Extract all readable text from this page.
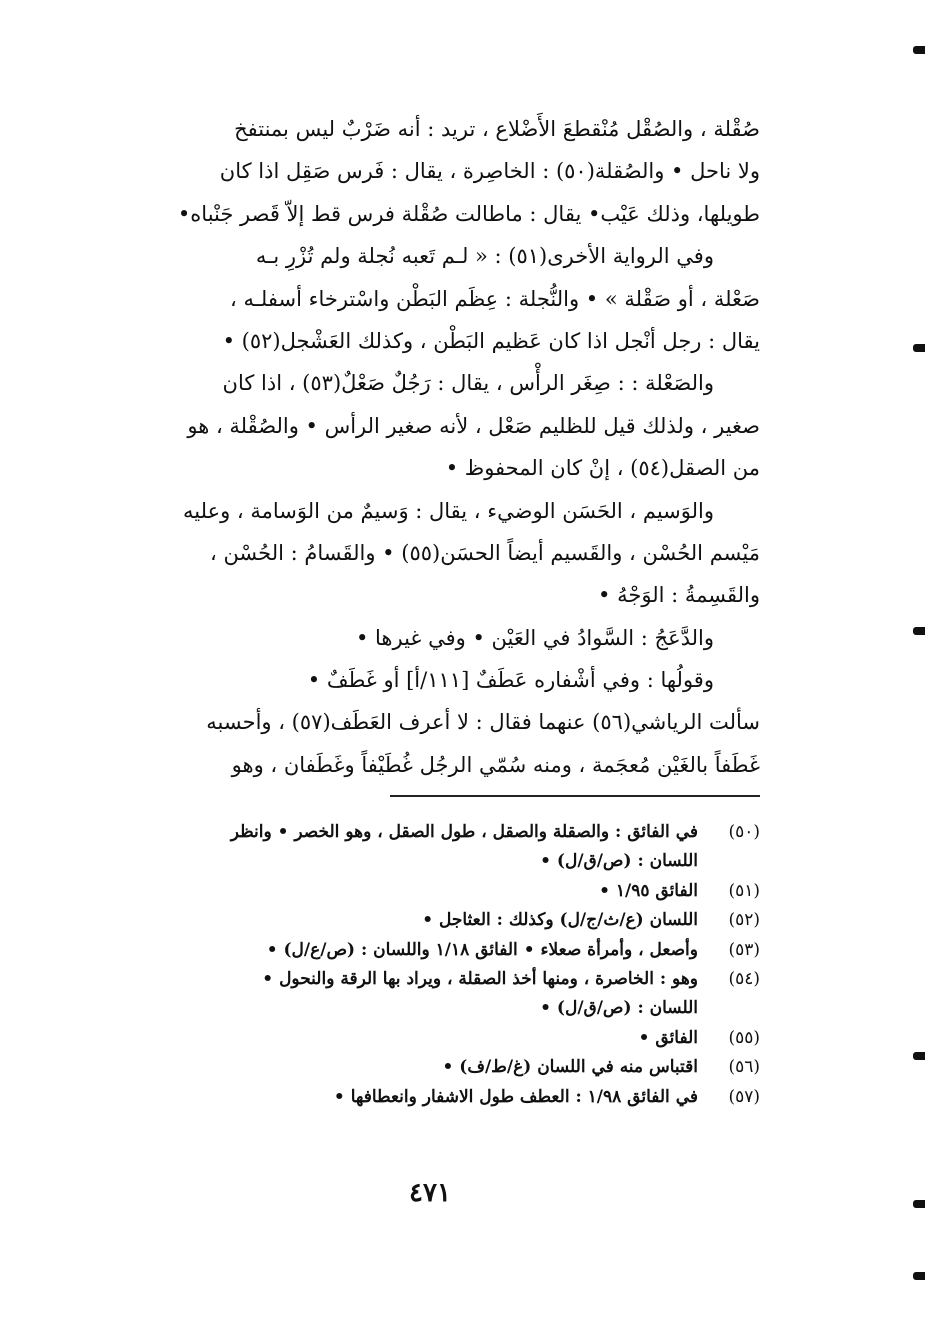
صُقْلة ، والصُقْل مُنْقطعَ الأَضْلاع ، تريد : أنه ضَرْبٌ ليس بمنتفخ
ولا ناحل • والصُقلة(٥٠) : الخاصِرة ، يقال : فَرس صَقِل اذا كان
طويلها، وذلك عَيْب• يقال : ماطالت صُقْلة فرس قط إلاّ قَصر جَنْباه•
وفي الرواية الأخرى(٥١) : « لـم تَعبه نُجلة ولم تُزْرِ بـه
صَعْلة ، أو صَقْلة » • والنُّجلة : عِظَم البَطْن واسْترخاء أسفلـه ،
يقال : رجل أنْجل اذا كان عَظيم البَطْن ، وكذلك العَشْجل(٥٢) •
والصَعْلة : : صِغَر الرأْس ، يقال : رَجُلٌ صَعْلٌ(٥٣) ، اذا كان
صغير ، ولذلك قيل للظليم صَعْل ، لأنه صغير الرأس • والصُقْلة ، هو
من الصقل(٥٤) ، إنْ كان المحفوظ •
والوَسيم ، الحَسَن الوضيء ، يقال : وَسيمٌ من الوَسامة ، وعليه
مَيْسم الحُسْن ، والقَسيم أيضاً الحسَن(٥٥) • والقَسامُ : الحُسْن ،
والقَسِمةُ : الوَجْهُ •
والدَّعَجُ : السَّوادُ في العَيْن • وفي غيرها •
وقولُها : وفي أشْفاره عَطَفٌ [١١١/أ] أو غَطَفٌ •
سألت الرياشي(٥٦) عنهما فقال : لا أعرف العَطَف(٥٧) ، وأحسبه
غَطَفاً بالغَيْن مُعجَمة ، ومنه سُمّي الرجُل غُطَيْفاً وغَطَفان ، وهو
(٥٠)
في الفائق : والصقلة والصقل ، طول الصقل ، وهو الخصر • وانظر
اللسان : (ص/ق/ل) •
(٥١)
الفائق ١/٩٥ •
(٥٢)
اللسان (ع/ث/ج/ل) وكذلك : العثاجل •
(٥٣)
وأصعل ، وأمرأة صعلاء • الفائق ١/١٨ واللسان : (ص/ع/ل) •
(٥٤)
وهو : الخاصرة ، ومنها أخذ الصقلة ، ويراد بها الرقة والنحول •
اللسان : (ص/ق/ل) •
(٥٥)
الفائق •
(٥٦)
اقتباس منه في اللسان (غ/ط/ف) •
(٥٧)
في الفائق ١/٩٨ : العطف طول الاشفار وانعطافها •
٤٧١
